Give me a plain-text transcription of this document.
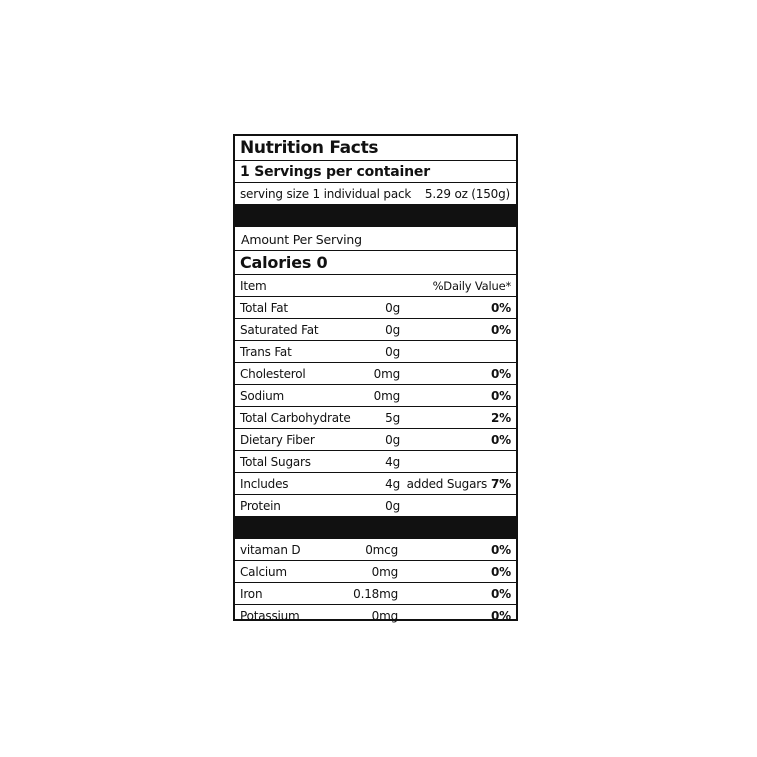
Nutrition Facts
1 Servings per container
serving size 1 individual pack 5.29 oz (150g)
Amount Per Serving
Calories 0
Item	%Daily Value*
Total Fat	0g	0%
Saturated Fat	0g	0%
Trans Fat	0g
Cholesterol	0mg	0%
Sodium	0mg	0%
Total Carbohydrate	5g	2%
Dietary Fiber	0g	0%
Total Sugars	4g
Includes	4g added Sugars 7%
Protein	0g
vitaman D	0mcg	0%
Calcium	0mg	0%
Iron	0.18mg	0%
Potassium	0mg	0%
